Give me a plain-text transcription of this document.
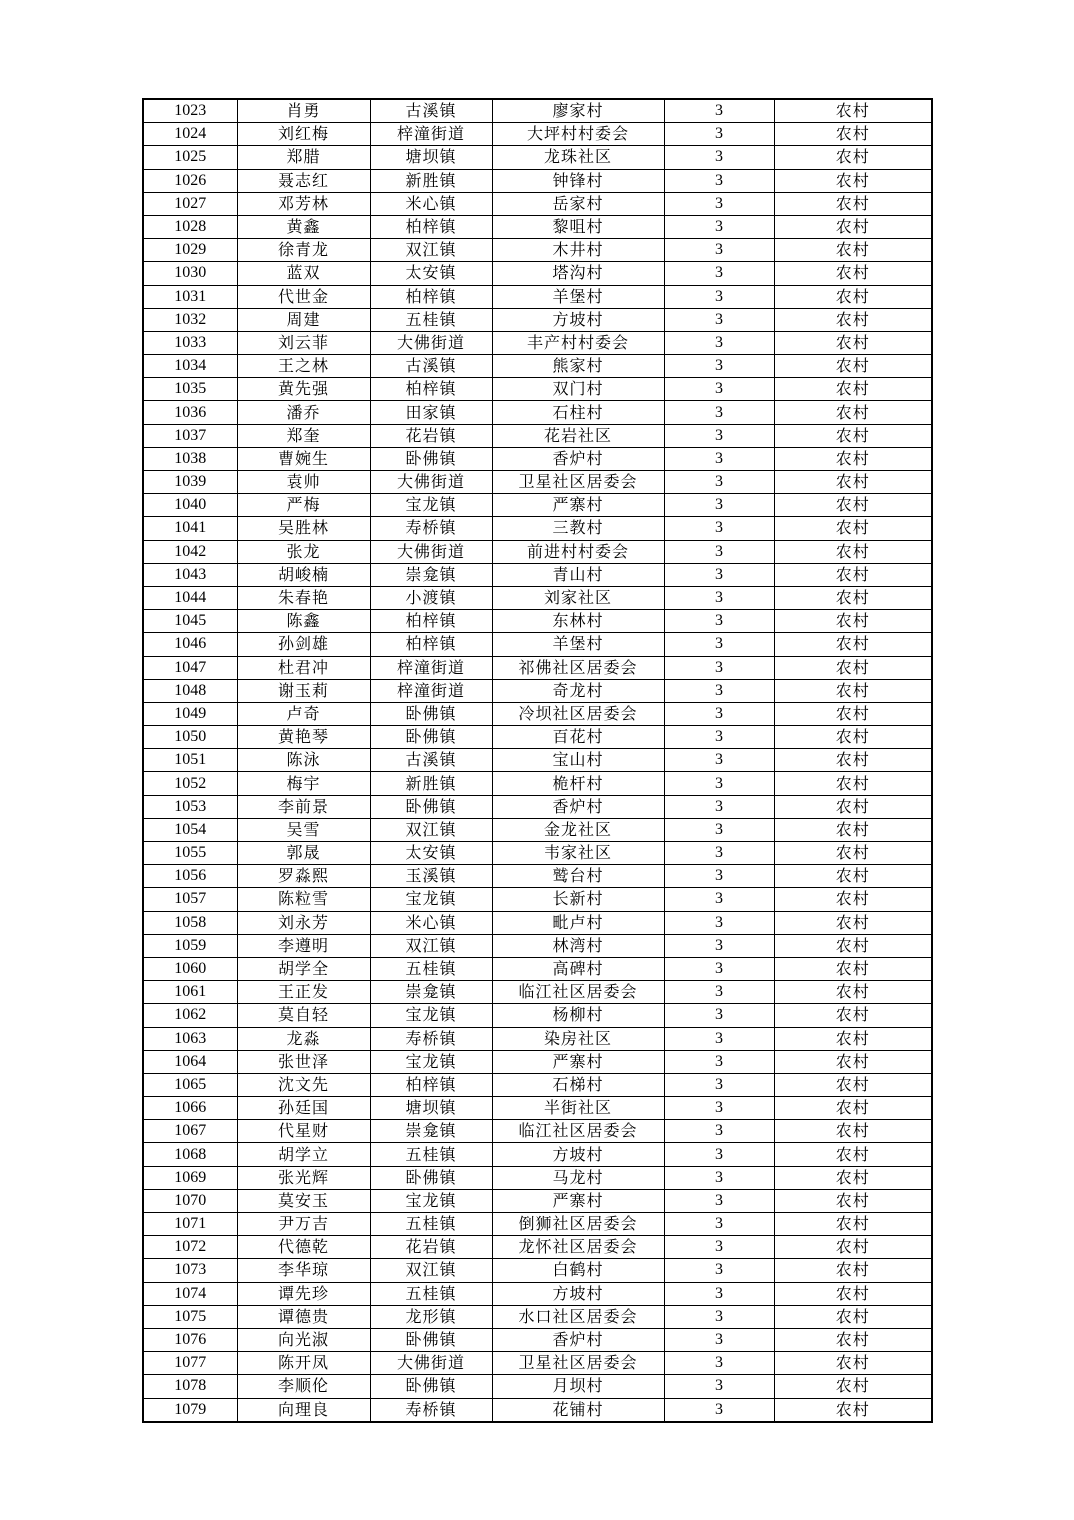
1023	肖勇	古溪镇	廖家村	3	农村
1024	刘红梅	梓潼街道	大坪村村委会	3	农村
1025	郑腊	塘坝镇	龙珠社区	3	农村
1026	聂志红	新胜镇	钟锋村	3	农村
1027	邓芳林	米心镇	岳家村	3	农村
1028	黄鑫	柏梓镇	黎咀村	3	农村
1029	徐青龙	双江镇	木井村	3	农村
1030	蓝双	太安镇	塔沟村	3	农村
1031	代世金	柏梓镇	羊堡村	3	农村
1032	周建	五桂镇	方坡村	3	农村
1033	刘云菲	大佛街道	丰产村村委会	3	农村
1034	王之林	古溪镇	熊家村	3	农村
1035	黄先强	柏梓镇	双门村	3	农村
1036	潘乔	田家镇	石柱村	3	农村
1037	郑奎	花岩镇	花岩社区	3	农村
1038	曹婉生	卧佛镇	香炉村	3	农村
1039	袁帅	大佛街道	卫星社区居委会	3	农村
1040	严梅	宝龙镇	严寨村	3	农村
1041	吴胜林	寿桥镇	三教村	3	农村
1042	张龙	大佛街道	前进村村委会	3	农村
1043	胡峻楠	崇龛镇	青山村	3	农村
1044	朱春艳	小渡镇	刘家社区	3	农村
1045	陈鑫	柏梓镇	东林村	3	农村
1046	孙剑雄	柏梓镇	羊堡村	3	农村
1047	杜君冲	梓潼街道	祁佛社区居委会	3	农村
1048	谢玉莉	梓潼街道	奇龙村	3	农村
1049	卢奇	卧佛镇	冷坝社区居委会	3	农村
1050	黄艳琴	卧佛镇	百花村	3	农村
1051	陈泳	古溪镇	宝山村	3	农村
1052	梅宇	新胜镇	桅杆村	3	农村
1053	李前景	卧佛镇	香炉村	3	农村
1054	吴雪	双江镇	金龙社区	3	农村
1055	郭晟	太安镇	韦家社区	3	农村
1056	罗淼熙	玉溪镇	鹫台村	3	农村
1057	陈粒雪	宝龙镇	长新村	3	农村
1058	刘永芳	米心镇	毗卢村	3	农村
1059	李遵明	双江镇	林湾村	3	农村
1060	胡学全	五桂镇	高碑村	3	农村
1061	王正发	崇龛镇	临江社区居委会	3	农村
1062	莫自轻	宝龙镇	杨柳村	3	农村
1063	龙淼	寿桥镇	染房社区	3	农村
1064	张世泽	宝龙镇	严寨村	3	农村
1065	沈文先	柏梓镇	石梯村	3	农村
1066	孙廷国	塘坝镇	半街社区	3	农村
1067	代星财	崇龛镇	临江社区居委会	3	农村
1068	胡学立	五桂镇	方坡村	3	农村
1069	张光辉	卧佛镇	马龙村	3	农村
1070	莫安玉	宝龙镇	严寨村	3	农村
1071	尹万吉	五桂镇	倒狮社区居委会	3	农村
1072	代德乾	花岩镇	龙怀社区居委会	3	农村
1073	李华琼	双江镇	白鹤村	3	农村
1074	谭先珍	五桂镇	方坡村	3	农村
1075	谭德贵	龙形镇	水口社区居委会	3	农村
1076	向光淑	卧佛镇	香炉村	3	农村
1077	陈开凤	大佛街道	卫星社区居委会	3	农村
1078	李顺伦	卧佛镇	月坝村	3	农村
1079	向理良	寿桥镇	花铺村	3	农村
